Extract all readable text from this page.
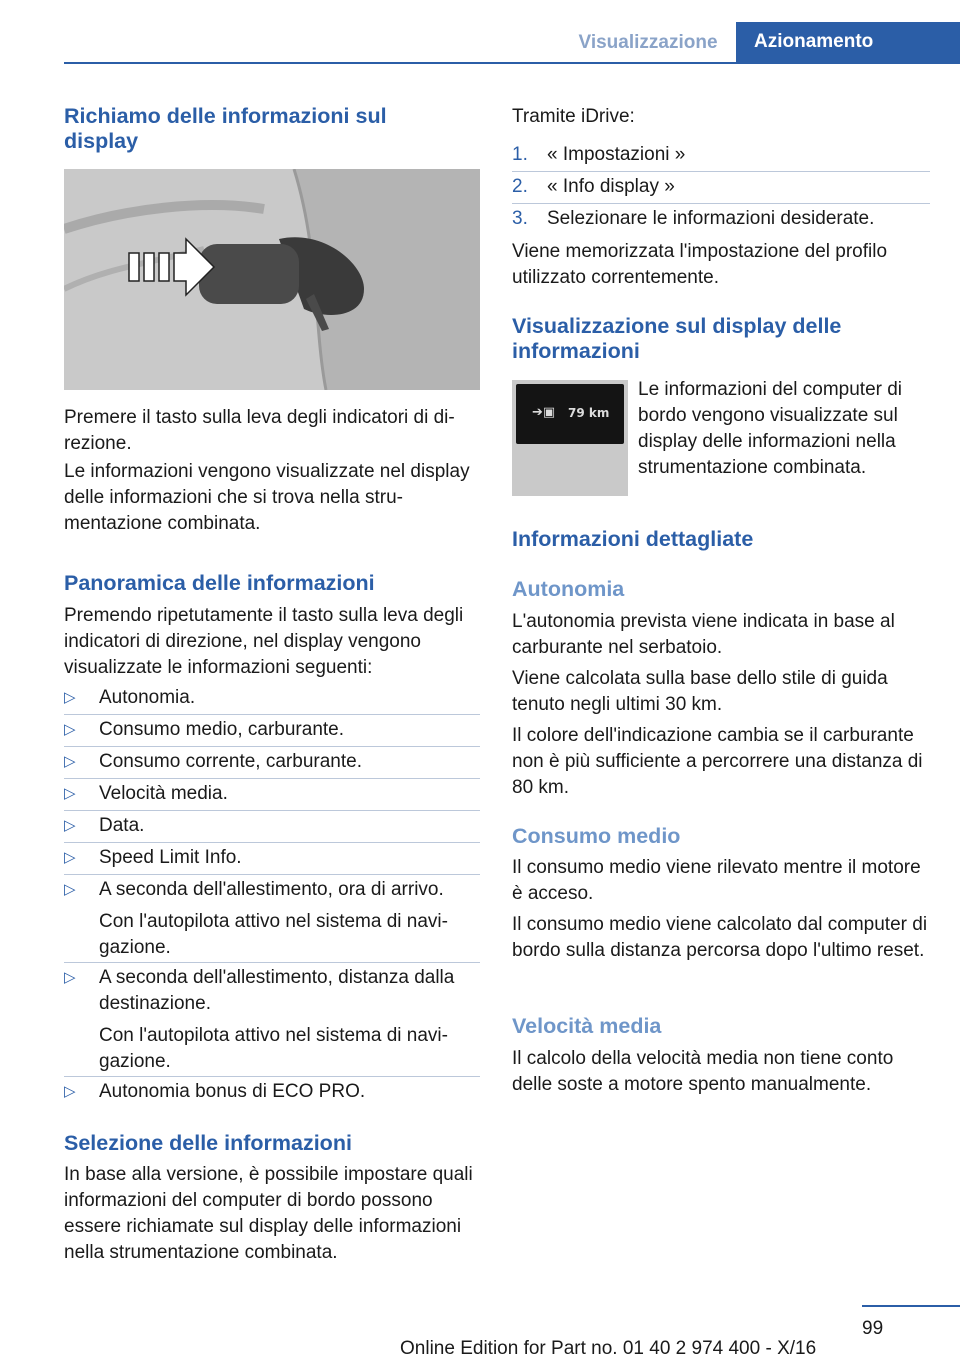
Visualizzazione	Azionamento
Richiamo delle informazioni sul display

Premere il tasto sulla leva degli indicatori di direzione.

Le informazioni vengono visualizzate nel display delle informazioni che si trova nella strumentazione combinata.

Panoramica delle informazioni

Premendo ripetutamente il tasto sulla leva degli indicatori di direzione, nel display vengono visualizzate le informazioni seguenti:

▷ Autonomia.
▷ Consumo medio, carburante.
▷ Consumo corrente, carburante.
▷ Velocità media.
▷ Data.
▷ Speed Limit Info.
▷ A seconda dell'allestimento, ora di arrivo.

Con l'autopilota attivo nel sistema di navigazione.

▷ A seconda dell'allestimento, distanza dalla destinazione.

Con l'autopilota attivo nel sistema di navigazione.

▷ Autonomia bonus di ECO PRO.
Selezione delle informazioni

In base alla versione, è possibile impostare quali informazioni del computer di bordo possono essere richiamate sul display delle informazioni nella strumentazione combinata.

Tramite iDrive:

1. « Impostazioni »
2. « Info display »
3. Selezionare le informazioni desiderate.

Viene memorizzata l'impostazione del profilo utilizzato correntemente.

Visualizzazione sul display delle informazioni
➔▣ 79 km

Le informazioni del computer di bordo vengono visualizzate sul display delle informazioni nella strumentazione combinata.

Informazioni dettagliate
Autonomia

L'autonomia prevista viene indicata in base al carburante nel serbatoio.

Viene calcolata sulla base dello stile di guida tenuto negli ultimi 30 km.

Il colore dell'indicazione cambia se il carburante non è più sufficiente a percorrere una distanza di 80 km.

Consumo medio

Il consumo medio viene rilevato mentre il motore è acceso.

Il consumo medio viene calcolato dal computer di bordo sulla distanza percorsa dopo l'ultimo reset.

Velocità media

Il calcolo della velocità media non tiene conto delle soste a motore spento manualmente.

99
Online Edition for Part no. 01 40 2 974 400 - X/16
